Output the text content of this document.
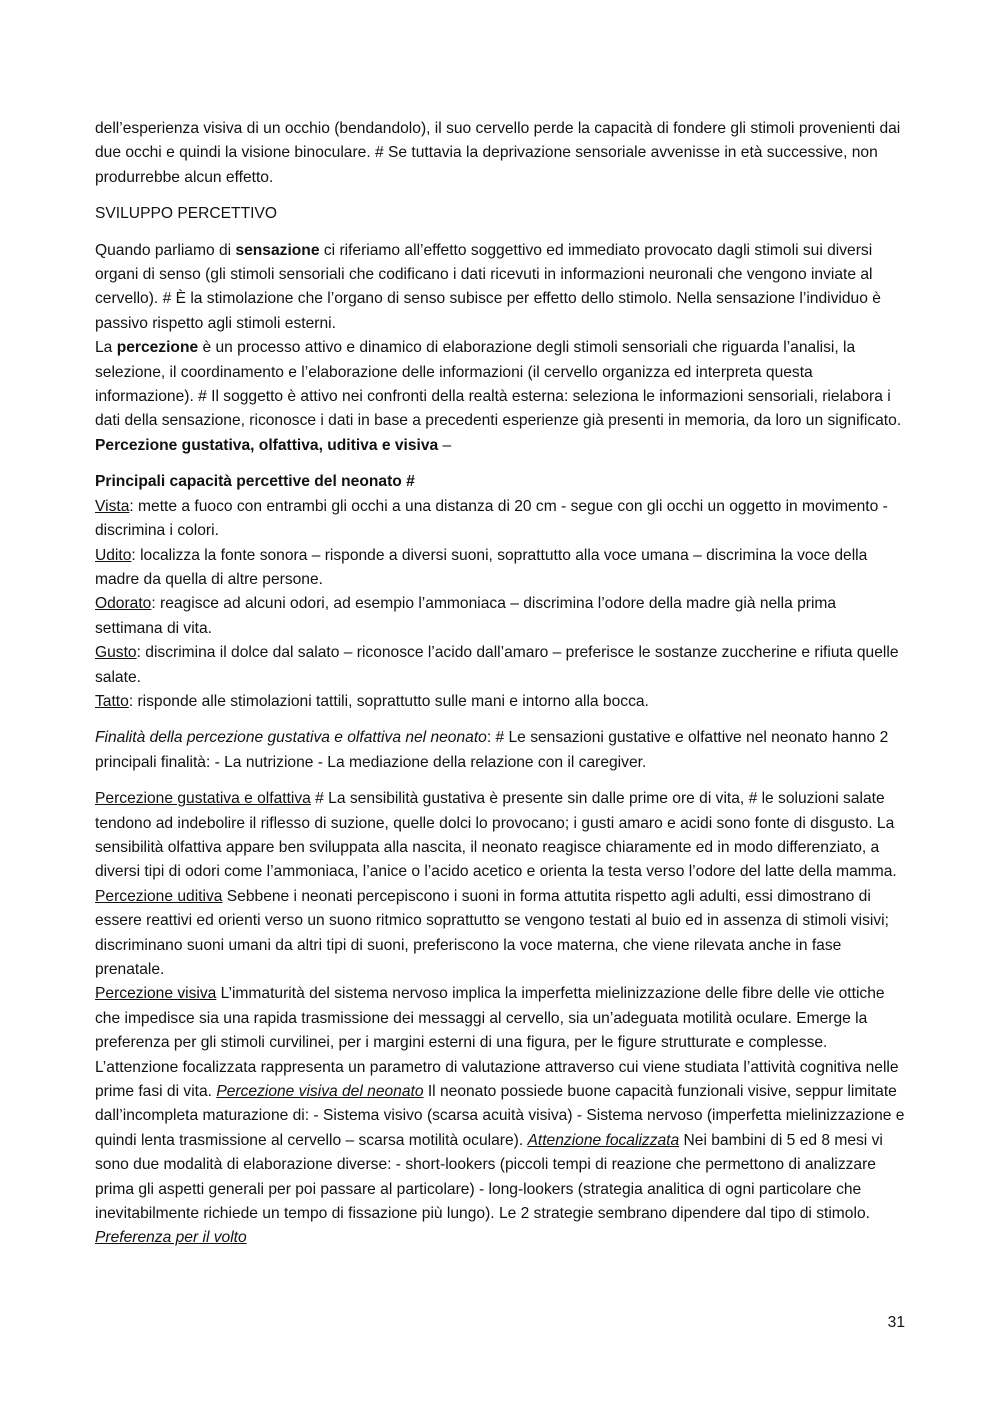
dell’esperienza visiva di un occhio (bendandolo), il suo cervello perde la capacità di fondere gli stimoli provenienti dai due occhi e quindi la visione binoculare. # Se tuttavia la deprivazione sensoriale avvenisse in età successive, non produrrebbe alcun effetto.

SVILUPPO PERCETTIVO

Quando parliamo di sensazione ci riferiamo all’effetto soggettivo ed immediato provocato dagli stimoli sui diversi organi di senso (gli stimoli sensoriali che codificano i dati ricevuti in informazioni neuronali che vengono inviate al cervello). # È la stimolazione che l’organo di senso subisce per effetto dello stimolo. Nella sensazione l’individuo è passivo rispetto agli stimoli esterni.

La percezione è un processo attivo e dinamico di elaborazione degli stimoli sensoriali che riguarda l’analisi, la selezione, il coordinamento e l’elaborazione delle informazioni (il cervello organizza ed interpreta questa informazione). # Il soggetto è attivo nei confronti della realtà esterna: seleziona le informazioni sensoriali, rielabora i dati della sensazione, riconosce i dati in base a precedenti esperienze già presenti in memoria, da loro un significato.

Percezione gustativa, olfattiva, uditiva e visiva –

Principali capacità percettive del neonato #

Vista: mette a fuoco con entrambi gli occhi a una distanza di 20 cm - segue con gli occhi un oggetto in movimento - discrimina i colori.

Udito: localizza la fonte sonora – risponde a diversi suoni, soprattutto alla voce umana – discrimina la voce della madre da quella di altre persone.

Odorato: reagisce ad alcuni odori, ad esempio l’ammoniaca – discrimina l’odore della madre già nella prima settimana di vita.

Gusto: discrimina il dolce dal salato – riconosce l’acido dall’amaro – preferisce le sostanze zuccherine e rifiuta quelle salate.

Tatto: risponde alle stimolazioni tattili, soprattutto sulle mani e intorno alla bocca.

Finalità della percezione gustativa e olfattiva nel neonato: # Le sensazioni gustative e olfattive nel neonato hanno 2 principali finalità: - La nutrizione - La mediazione della relazione con il caregiver.

Percezione gustativa e olfattiva # La sensibilità gustativa è presente sin dalle prime ore di vita, # le soluzioni salate tendono ad indebolire il riflesso di suzione, quelle dolci lo provocano; i gusti amaro e acidi sono fonte di disgusto. La sensibilità olfattiva appare ben sviluppata alla nascita, il neonato reagisce chiaramente ed in modo differenziato, a diversi tipi di odori come l’ammoniaca, l’anice o l’acido acetico e orienta la testa verso l’odore del latte della mamma.

Percezione uditiva Sebbene i neonati percepiscono i suoni in forma attutita rispetto agli adulti, essi dimostrano di essere reattivi ed orienti verso un suono ritmico soprattutto se vengono testati al buio ed in assenza di stimoli visivi; discriminano suoni umani da altri tipi di suoni, preferiscono la voce materna, che viene rilevata anche in fase prenatale.

Percezione visiva L’immaturità del sistema nervoso implica la imperfetta mielinizzazione delle fibre delle vie ottiche che impedisce sia una rapida trasmissione dei messaggi al cervello, sia un’adeguata motilità oculare. Emerge la preferenza per gli stimoli curvilinei, per i margini esterni di una figura, per le figure strutturate e complesse. L’attenzione focalizzata rappresenta un parametro di valutazione attraverso cui viene studiata l’attività cognitiva nelle prime fasi di vita. Percezione visiva del neonato Il neonato possiede buone capacità funzionali visive, seppur limitate dall’incompleta maturazione di: - Sistema visivo (scarsa acuità visiva) - Sistema nervoso (imperfetta mielinizzazione e quindi lenta trasmissione al cervello – scarsa motilità oculare). Attenzione focalizzata Nei bambini di 5 ed 8 mesi vi sono due modalità di elaborazione diverse: - short-lookers (piccoli tempi di reazione che permettono di analizzare prima gli aspetti generali per poi passare al particolare) - long-lookers (strategia analitica di ogni particolare che inevitabilmente richiede un tempo di fissazione più lungo). Le 2 strategie sembrano dipendere dal tipo di stimolo. Preferenza per il volto

31
